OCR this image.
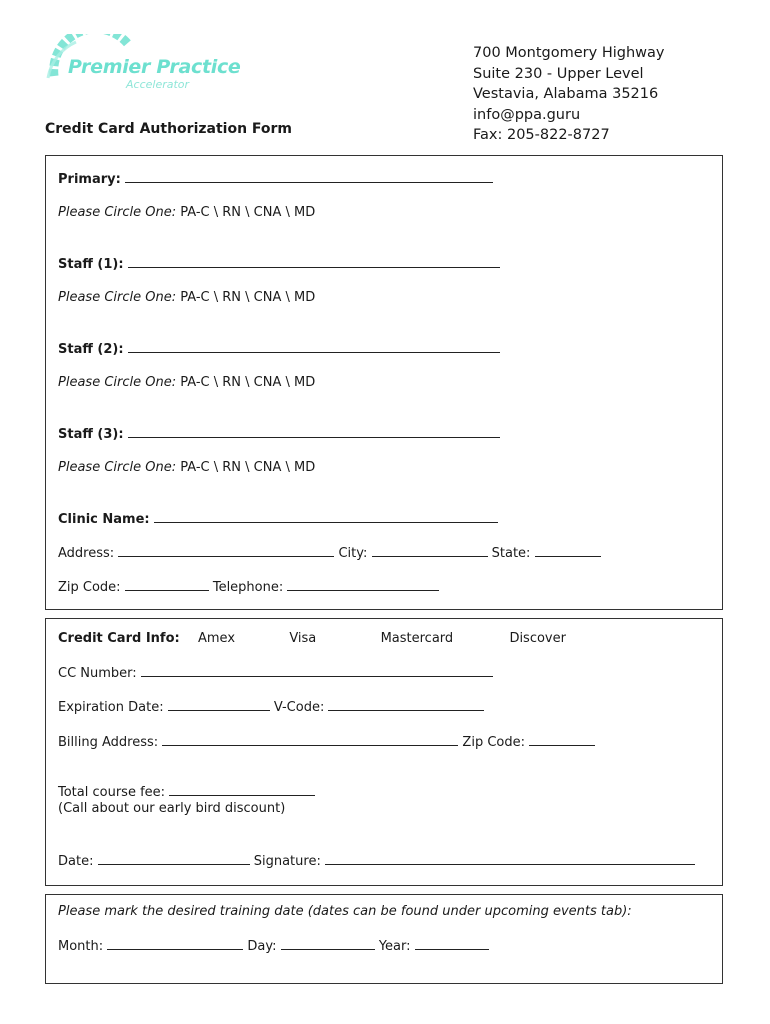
Premier Practice
Accelerator
Credit Card Authorization Form
700 Montgomery Highway
Suite 230 - Upper Level
Vestavia, Alabama 35216
info@ppa.guru
Fax: 205-822-8727
Primary:
Please Circle One: PA-C \ RN \ CNA \ MD
Staff (1):
Please Circle One: PA-C \ RN \ CNA \ MD
Staff (2):
Please Circle One: PA-C \ RN \ CNA \ MD
Staff (3):
Please Circle One: PA-C \ RN \ CNA \ MD
Clinic Name:
Address:	City:	State:
Zip Code:	Telephone:
Credit Card Info: Amex	Visa	Mastercard	Discover
CC Number:
Expiration Date:	V-Code:
Billing Address:	Zip Code:
Total course fee:
(Call about our early bird discount)
Date:	Signature:
Please mark the desired training date (dates can be found under upcoming events tab):
Month:	Day:	Year:
